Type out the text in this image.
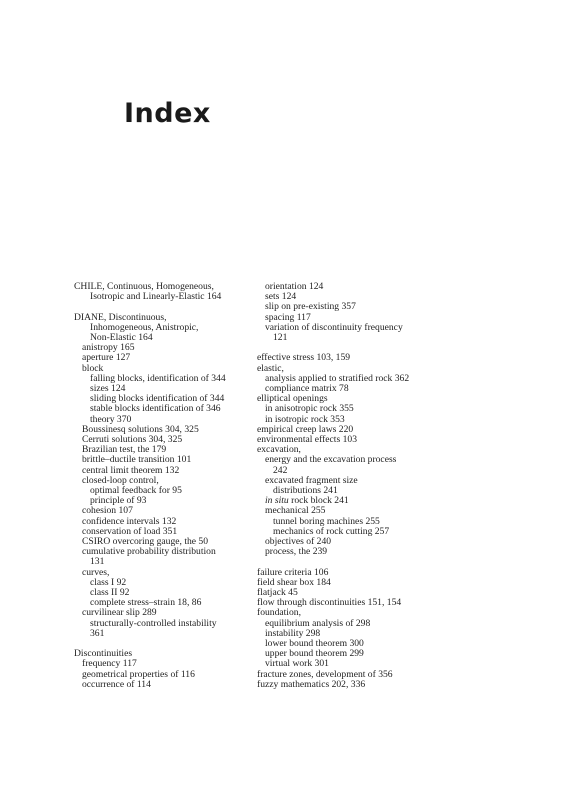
Index
CHILE, Continuous, Homogeneous,
Isotropic and Linearly-Elastic 164
DIANE, Discontinuous,
Inhomogeneous, Anistropic,
Non-Elastic 164
anistropy 165
aperture 127
block
falling blocks, identification of 344
sizes 124
sliding blocks identification of 344
stable blocks identification of 346
theory 370
Boussinesq solutions 304, 325
Cerruti solutions 304, 325
Brazilian test, the 179
brittle–ductile transition 101
central limit theorem 132
closed-loop control,
optimal feedback for 95
principle of 93
cohesion 107
confidence intervals 132
conservation of load 351
CSIRO overcoring gauge, the 50
cumulative probability distribution
131
curves,
class I 92
class II 92
complete stress–strain 18, 86
curvilinear slip 289
structurally-controlled instability
361
Discontinuities
frequency 117
geometrical properties of 116
occurrence of 114
orientation 124
sets 124
slip on pre-existing 357
spacing 117
variation of discontinuity frequency
121
effective stress 103, 159
elastic,
analysis applied to stratified rock 362
compliance matrix 78
elliptical openings
in anisotropic rock 355
in isotropic rock 353
empirical creep laws 220
environmental effects 103
excavation,
energy and the excavation process
242
excavated fragment size
distributions 241
in situ rock block 241
mechanical 255
tunnel boring machines 255
mechanics of rock cutting 257
objectives of 240
process, the 239
failure criteria 106
field shear box 184
flatjack 45
flow through discontinuities 151, 154
foundation,
equilibrium analysis of 298
instability 298
lower bound theorem 300
upper bound theorem 299
virtual work 301
fracture zones, development of 356
fuzzy mathematics 202, 336
